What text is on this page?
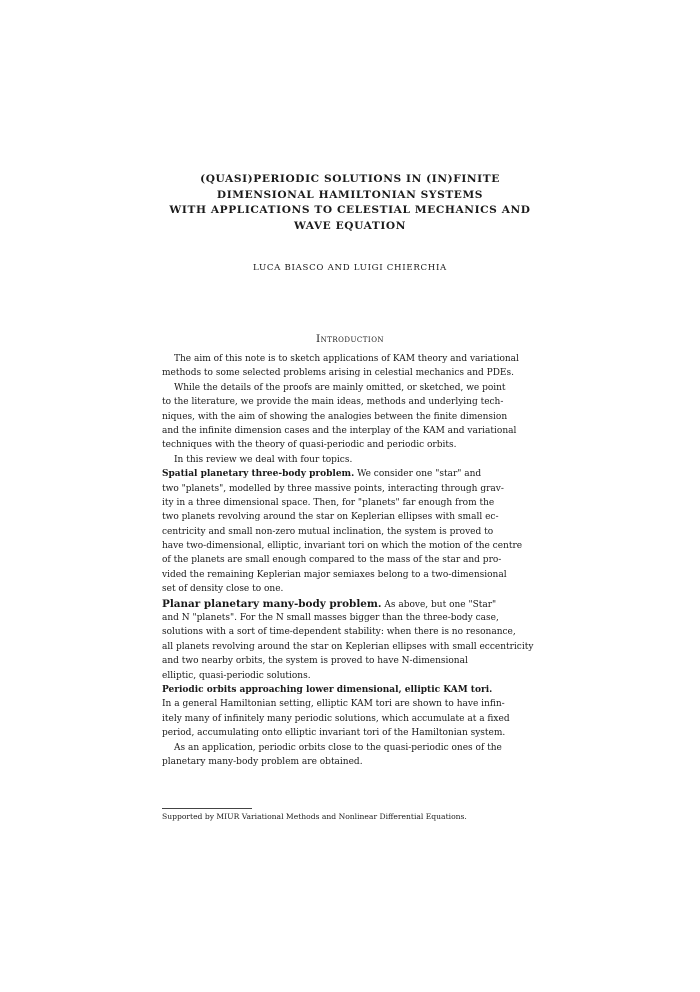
(QUASI)PERIODIC SOLUTIONS IN (IN)FINITE
DIMENSIONAL HAMILTONIAN SYSTEMS
WITH APPLICATIONS TO CELESTIAL MECHANICS AND
WAVE EQUATION
LUCA BIASCO AND LUIGI CHIERCHIA
Introduction
The aim of this note is to sketch applications of KAM theory and variational
methods to some selected problems arising in celestial mechanics and PDEs.
While the details of the proofs are mainly omitted, or sketched, we point
to the literature, we provide the main ideas, methods and underlying tech-
niques, with the aim of showing the analogies between the finite dimension
and the infinite dimension cases and the interplay of the KAM and variational
techniques with the theory of quasi-periodic and periodic orbits.
In this review we deal with four topics.
Spatial planetary three-body problem. We consider one "star" and
two "planets", modelled by three massive points, interacting through grav-
ity in a three dimensional space. Then, for "planets" far enough from the
two planets revolving around the star on Keplerian ellipses with small ec-
centricity and small non-zero mutual inclination, the system is proved to
have two-dimensional, elliptic, invariant tori on which the motion of the centre
of the planets are small enough compared to the mass of the star and pro-
vided the remaining Keplerian major semiaxes belong to a two-dimensional
set of density close to one.
Planar planetary many-body problem. As above, but one "Star"
and N "planets". For the N small masses bigger than the three-body case,
solutions with a sort of time-dependent stability: when there is no resonance,
all planets revolving around the star on Keplerian ellipses with small eccentricity
and two nearby orbits, the system is proved to have N-dimensional
elliptic, quasi-periodic solutions.
Periodic orbits approaching lower dimensional, elliptic KAM tori.
In a general Hamiltonian setting, elliptic KAM tori are shown to have infin-
itely many of infinitely many periodic solutions, which accumulate at a fixed
period, accumulating onto elliptic invariant tori of the Hamiltonian system.
As an application, periodic orbits close to the quasi-periodic ones of the
planetary many-body problem are obtained.
Supported by MIUR Variational Methods and Nonlinear Differential Equations.
